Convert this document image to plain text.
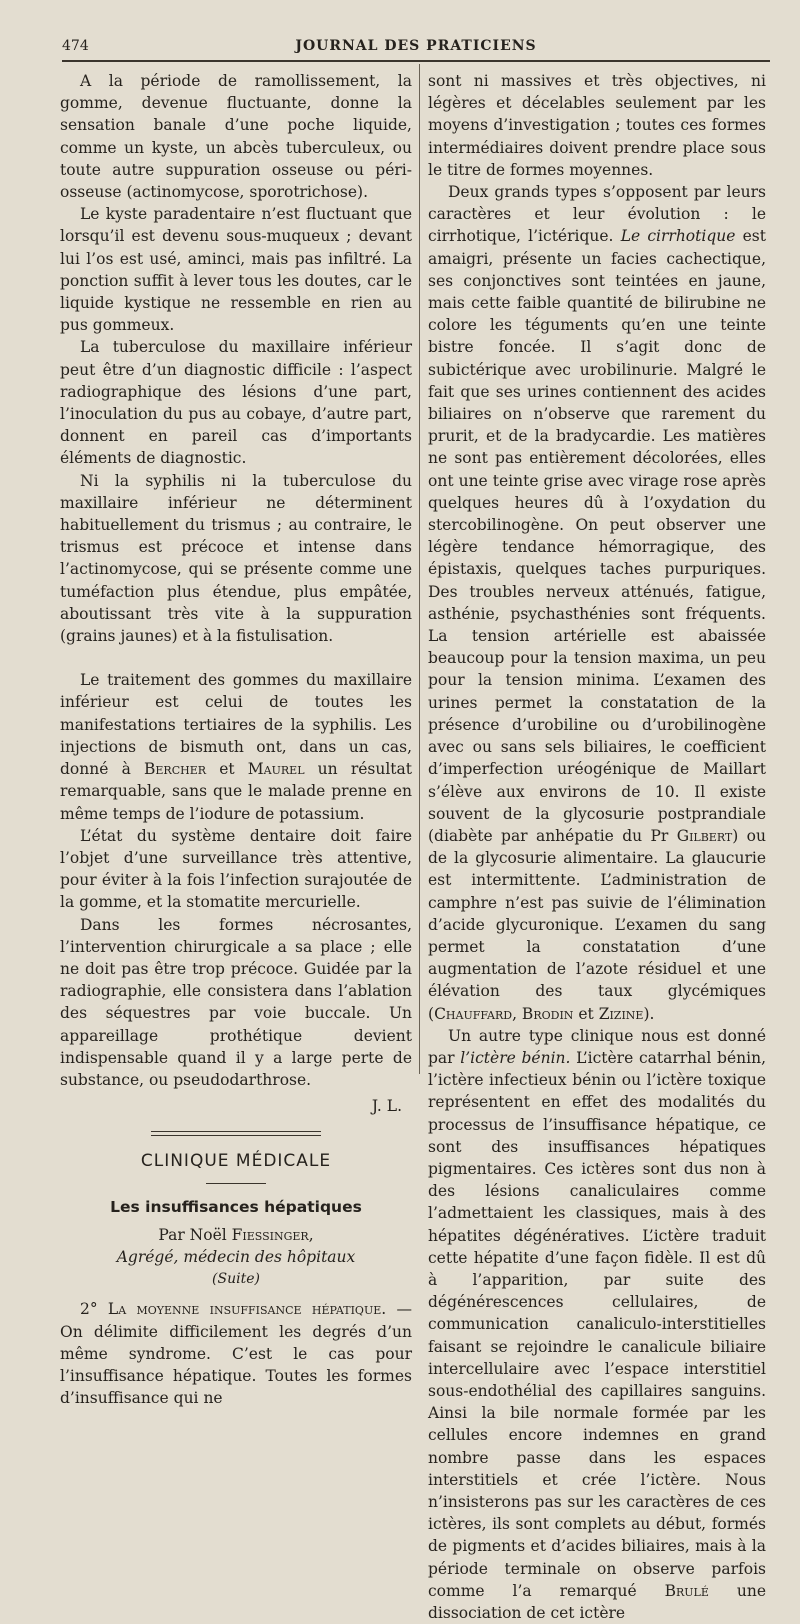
474	JOURNAL DES PRATICIENS

A la période de ramollissement, la gomme, devenue fluctuante, donne la sensation banale d’une poche liquide, comme un kyste, un abcès tuberculeux, ou toute autre suppuration osseuse ou péri-osseuse (actinomycose, sporotrichose).

Le kyste paradentaire n’est fluctuant que lorsqu’il est devenu sous-muqueux ; devant lui l’os est usé, aminci, mais pas infiltré. La ponction suffit à lever tous les doutes, car le liquide kystique ne ressemble en rien au pus gommeux.

La tuberculose du maxillaire inférieur peut être d’un diagnostic difficile : l’aspect radiographique des lésions d’une part, l’inoculation du pus au cobaye, d’autre part, donnent en pareil cas d’importants éléments de diagnostic.

Ni la syphilis ni la tuberculose du maxillaire inférieur ne déterminent habituellement du trismus ; au contraire, le trismus est précoce et intense dans l’actinomycose, qui se présente comme une tuméfaction plus étendue, plus empâtée, aboutissant très vite à la suppuration (grains jaunes) et à la fistulisation.

Le traitement des gommes du maxillaire inférieur est celui de toutes les manifestations tertiaires de la syphilis. Les injections de bismuth ont, dans un cas, donné à Bercher et Maurel un résultat remarquable, sans que le malade prenne en même temps de l’iodure de potassium.

L’état du système dentaire doit faire l’objet d’une surveillance très attentive, pour éviter à la fois l’infection surajoutée de la gomme, et la stomatite mercurielle.

Dans les formes nécrosantes, l’intervention chirurgicale a sa place ; elle ne doit pas être trop précoce. Guidée par la radiographie, elle consistera dans l’ablation des séquestres par voie buccale. Un appareillage prothétique devient indispensable quand il y a large perte de substance, ou pseudodarthrose.

J. L.
CLINIQUE MÉDICALE
Les insuffisances hépatiques
Par Noël Fiessinger,
Agrégé, médecin des hôpitaux
(Suite)

2° La moyenne insuffisance hépatique. — On délimite difficilement les degrés d’un même syndrome. C’est le cas pour l’insuffisance hépatique. Toutes les formes d’insuffisance qui ne

sont ni massives et très objectives, ni légères et décelables seulement par les moyens d’investigation ; toutes ces formes intermédiaires doivent prendre place sous le titre de formes moyennes.

Deux grands types s’opposent par leurs caractères et leur évolution : le cirrhotique, l’ictérique. Le cirrhotique est amaigri, présente un facies cachectique, ses conjonctives sont teintées en jaune, mais cette faible quantité de bilirubine ne colore les téguments qu’en une teinte bistre foncée. Il s’agit donc de subictérique avec urobilinurie. Malgré le fait que ses urines contiennent des acides biliaires on n’observe que rarement du prurit, et de la bradycardie. Les matières ne sont pas entièrement décolorées, elles ont une teinte grise avec virage rose après quelques heures dû à l’oxydation du stercobilinogène. On peut observer une légère tendance hémorragique, des épistaxis, quelques taches purpuriques. Des troubles nerveux atténués, fatigue, asthénie, psychasthénies sont fréquents. La tension artérielle est abaissée beaucoup pour la tension maxima, un peu pour la tension minima. L’examen des urines permet la constatation de la présence d’urobiline ou d’urobilinogène avec ou sans sels biliaires, le coefficient d’imperfection uréogénique de Maillart s’élève aux environs de 10. Il existe souvent de la glycosurie postprandiale (diabète par anhépatie du Pr Gilbert) ou de la glycosurie alimentaire. La glaucurie est intermittente. L’administration de camphre n’est pas suivie de l’élimination d’acide glycuronique. L’examen du sang permet la constatation d’une augmentation de l’azote résiduel et une élévation des taux glycémiques (Chauffard, Brodin et Zizine).

Un autre type clinique nous est donné par l’ictère bénin. L’ictère catarrhal bénin, l’ictère infectieux bénin ou l’ictère toxique représentent en effet des modalités du processus de l’insuffisance hépatique, ce sont des insuffisances hépatiques pigmentaires. Ces ictères sont dus non à des lésions canaliculaires comme l’admettaient les classiques, mais à des hépatites dégénératives. L’ictère traduit cette hépatite d’une façon fidèle. Il est dû à l’apparition, par suite des dégénérescences cellulaires, de communication canaliculo-interstitielles faisant se rejoindre le canalicule biliaire intercellulaire avec l’espace interstitiel sous-endothélial des capillaires sanguins. Ainsi la bile normale formée par les cellules encore indemnes en grand nombre passe dans les espaces interstitiels et crée l’ictère. Nous n’insisterons pas sur les caractères de ces ictères, ils sont complets au début, formés de pigments et d’acides biliaires, mais à la période terminale on observe parfois comme l’a remarqué Brulé une dissociation de cet ictère
